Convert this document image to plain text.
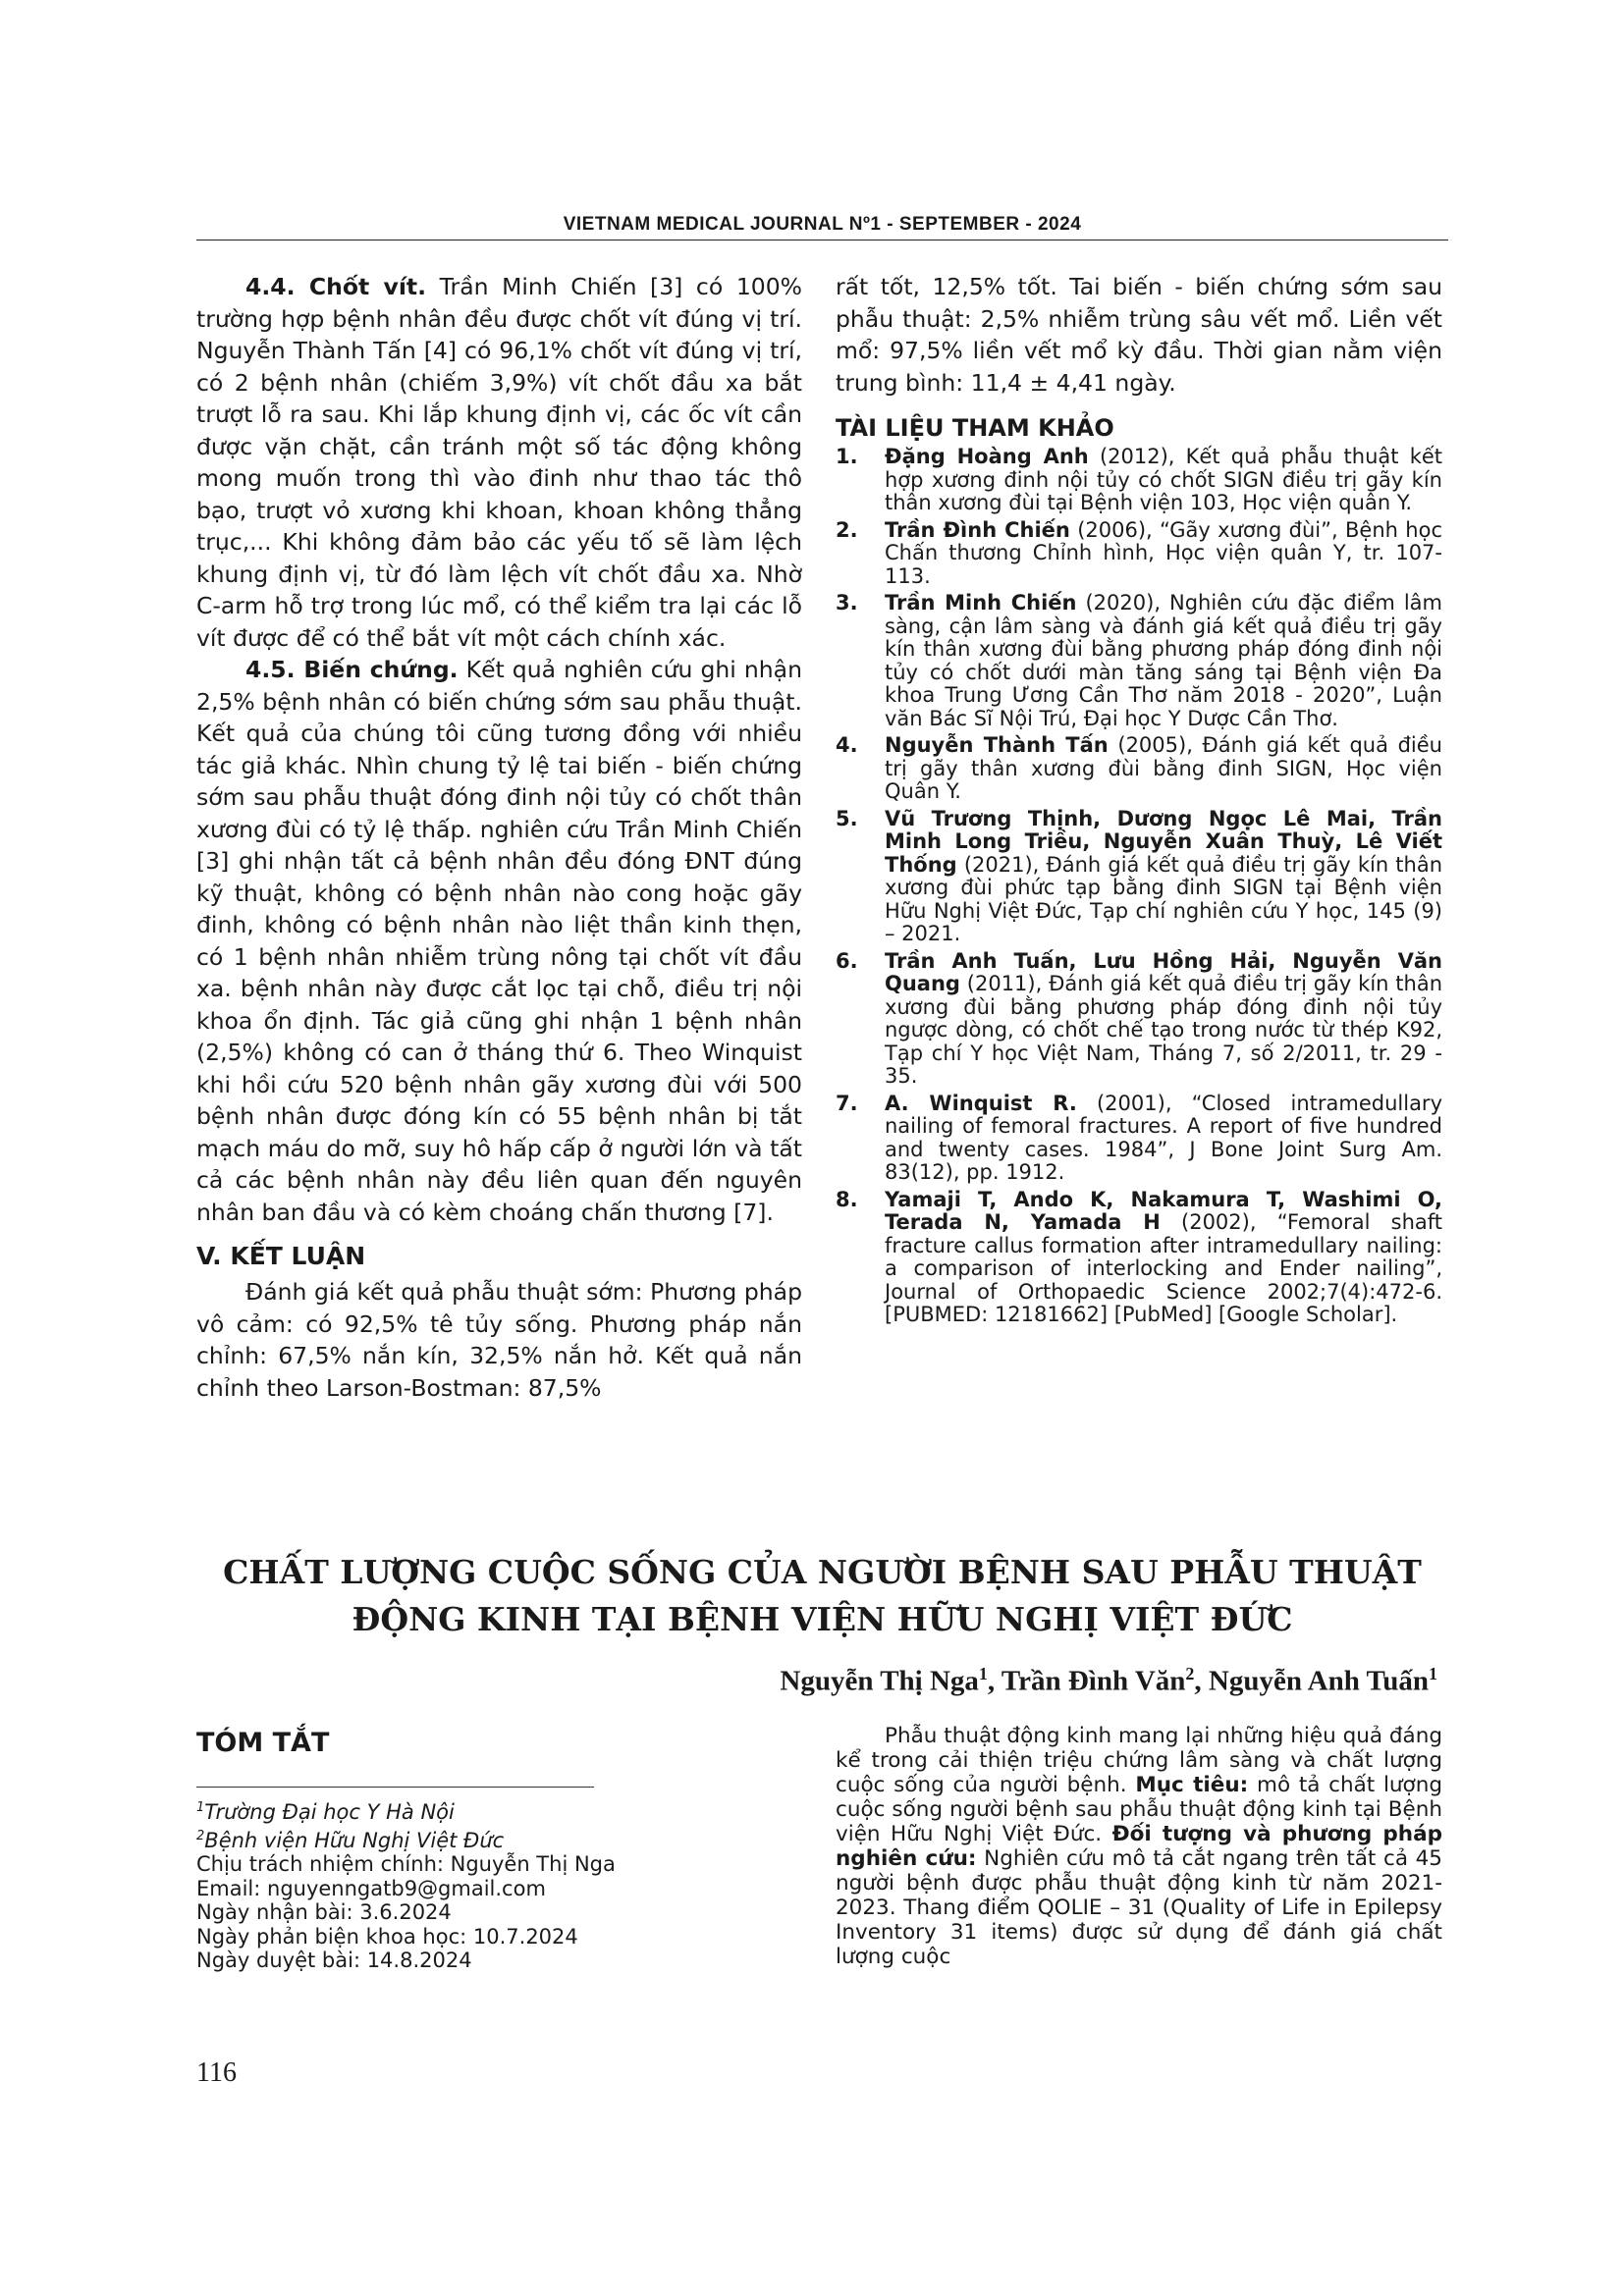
VIETNAM MEDICAL JOURNAL Nº1 - SEPTEMBER - 2024

4.4. Chốt vít. Trần Minh Chiến [3] có 100% trường hợp bệnh nhân đều được chốt vít đúng vị trí. Nguyễn Thành Tấn [4] có 96,1% chốt vít đúng vị trí, có 2 bệnh nhân (chiếm 3,9%) vít chốt đầu xa bắt trượt lỗ ra sau. Khi lắp khung định vị, các ốc vít cần được vặn chặt, cần tránh một số tác động không mong muốn trong thì vào đinh như thao tác thô bạo, trượt vỏ xương khi khoan, khoan không thẳng trục,... Khi không đảm bảo các yếu tố sẽ làm lệch khung định vị, từ đó làm lệch vít chốt đầu xa. Nhờ C-arm hỗ trợ trong lúc mổ, có thể kiểm tra lại các lỗ vít được để có thể bắt vít một cách chính xác.

4.5. Biến chứng. Kết quả nghiên cứu ghi nhận 2,5% bệnh nhân có biến chứng sớm sau phẫu thuật. Kết quả của chúng tôi cũng tương đồng với nhiều tác giả khác. Nhìn chung tỷ lệ tai biến - biến chứng sớm sau phẫu thuật đóng đinh nội tủy có chốt thân xương đùi có tỷ lệ thấp. nghiên cứu Trần Minh Chiến [3] ghi nhận tất cả bệnh nhân đều đóng ĐNT đúng kỹ thuật, không có bệnh nhân nào cong hoặc gãy đinh, không có bệnh nhân nào liệt thần kinh thẹn, có 1 bệnh nhân nhiễm trùng nông tại chốt vít đầu xa. bệnh nhân này được cắt lọc tại chỗ, điều trị nội khoa ổn định. Tác giả cũng ghi nhận 1 bệnh nhân (2,5%) không có can ở tháng thứ 6. Theo Winquist khi hồi cứu 520 bệnh nhân gãy xương đùi với 500 bệnh nhân được đóng kín có 55 bệnh nhân bị tắt mạch máu do mỡ, suy hô hấp cấp ở người lớn và tất cả các bệnh nhân này đều liên quan đến nguyên nhân ban đầu và có kèm choáng chấn thương [7].

V. KẾT LUẬN

Đánh giá kết quả phẫu thuật sớm: Phương pháp vô cảm: có 92,5% tê tủy sống. Phương pháp nắn chỉnh: 67,5% nắn kín, 32,5% nắn hở. Kết quả nắn chỉnh theo Larson-Bostman: 87,5%

rất tốt, 12,5% tốt. Tai biến - biến chứng sớm sau phẫu thuật: 2,5% nhiễm trùng sâu vết mổ. Liền vết mổ: 97,5% liền vết mổ kỳ đầu. Thời gian nằm viện trung bình: 11,4 ± 4,41 ngày.

TÀI LIỆU THAM KHẢO
1.	Đặng Hoàng Anh (2012), Kết quả phẫu thuật kết hợp xương đinh nội tủy có chốt SIGN điều trị gãy kín thân xương đùi tại Bệnh viện 103, Học viện quân Y.
2.	Trần Đình Chiến (2006), “Gãy xương đùi”, Bệnh học Chấn thương Chỉnh hình, Học viện quân Y, tr. 107-113.
3.	Trần Minh Chiến (2020), Nghiên cứu đặc điểm lâm sàng, cận lâm sàng và đánh giá kết quả điều trị gãy kín thân xương đùi bằng phương pháp đóng đinh nội tủy có chốt dưới màn tăng sáng tại Bệnh viện Đa khoa Trung Ương Cần Thơ năm 2018 - 2020”, Luận văn Bác Sĩ Nội Trú, Đại học Y Dược Cần Thơ.
4.	Nguyễn Thành Tấn (2005), Đánh giá kết quả điều trị gãy thân xương đùi bằng đinh SIGN, Học viện Quân Y.
5.	Vũ Trương Thịnh, Dương Ngọc Lê Mai, Trần Minh Long Triều, Nguyễn Xuân Thuỳ, Lê Viết Thống (2021), Đánh giá kết quả điều trị gãy kín thân xương đùi phức tạp bằng đinh SIGN tại Bệnh viện Hữu Nghị Việt Đức, Tạp chí nghiên cứu Y học, 145 (9) – 2021.
6.	Trần Anh Tuấn, Lưu Hồng Hải, Nguyễn Văn Quang (2011), Đánh giá kết quả điều trị gãy kín thân xương đùi bằng phương pháp đóng đinh nội tủy ngược dòng, có chốt chế tạo trong nước từ thép K92, Tạp chí Y học Việt Nam, Tháng 7, số 2/2011, tr. 29 - 35.
7.	A. Winquist R. (2001), “Closed intramedullary nailing of femoral fractures. A report of five hundred and twenty cases. 1984”, J Bone Joint Surg Am. 83(12), pp. 1912.
8.	Yamaji T, Ando K, Nakamura T, Washimi O, Terada N, Yamada H (2002), “Femoral shaft fracture callus formation after intramedullary nailing: a comparison of interlocking and Ender nailing”, Journal of Orthopaedic Science 2002;7(4):472-6. [PUBMED: 12181662] [PubMed] [Google Scholar].
CHẤT LƯỢNG CUỘC SỐNG CỦA NGƯỜI BỆNH SAU PHẪU THUẬT
ĐỘNG KINH TẠI BỆNH VIỆN HỮU NGHỊ VIỆT ĐỨC
Nguyễn Thị Nga$^1$, Trần Đình Văn$^2$, Nguyễn Anh Tuấn$^1$
TÓM TẮT
$^1$Trường Đại học Y Hà Nội
$^2$Bệnh viện Hữu Nghị Việt Đức
Chịu trách nhiệm chính: Nguyễn Thị Nga
Email: nguyenngatb9@gmail.com
Ngày nhận bài: 3.6.2024
Ngày phản biện khoa học: 10.7.2024
Ngày duyệt bài: 14.8.2024

Phẫu thuật động kinh mang lại những hiệu quả đáng kể trong cải thiện triệu chứng lâm sàng và chất lượng cuộc sống của người bệnh. Mục tiêu: mô tả chất lượng cuộc sống người bệnh sau phẫu thuật động kinh tại Bệnh viện Hữu Nghị Việt Đức. Đối tượng và phương pháp nghiên cứu: Nghiên cứu mô tả cắt ngang trên tất cả 45 người bệnh được phẫu thuật động kinh từ năm 2021-2023. Thang điểm QOLIE – 31 (Quality of Life in Epilepsy Inventory 31 items) được sử dụng để đánh giá chất lượng cuộc

116
